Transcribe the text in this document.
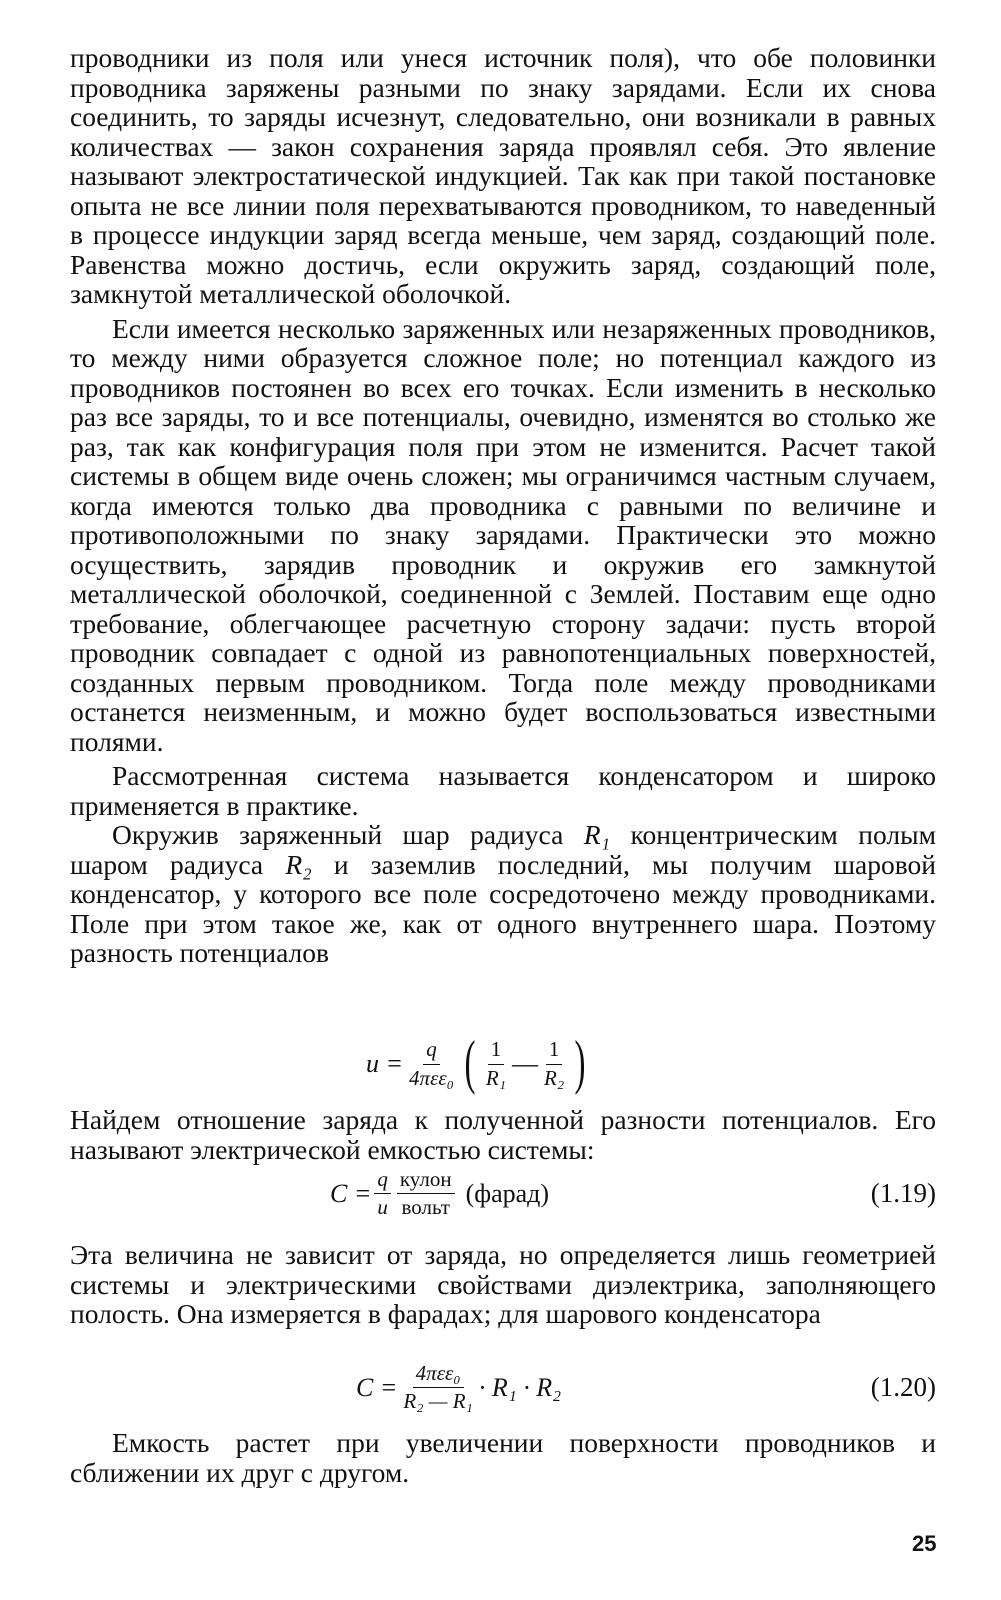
проводники из поля или унеся источник поля), что обе половинки проводника заряжены разными по знаку зарядами. Если их снова соединить, то заряды исчезнут, следовательно, они возникали в равных количествах — закон сохранения заряда проявлял себя. Это явление называют электростатической индукцией. Так как при такой постановке опыта не все линии поля перехватываются проводником, то наведенный в процессе индукции заряд всегда меньше, чем заряд, создающий поле. Равенства можно достичь, если окружить заряд, создающий поле, замкнутой металлической оболочкой.

Если имеется несколько заряженных или незаряженных проводников, то между ними образуется сложное поле; но потенциал каждого из проводников постоянен во всех его точках. Если изменить в несколько раз все заряды, то и все потенциалы, очевидно, изменятся во столько же раз, так как конфигурация поля при этом не изменится. Расчет такой системы в общем виде очень сложен; мы ограничимся частным случаем, когда имеются только два проводника с равными по величине и противоположными по знаку зарядами. Практически это можно осуществить, зарядив проводник и окружив его замкнутой металлической оболочкой, соединенной с Землей. Поставим еще одно требование, облегчающее расчетную сторону задачи: пусть второй проводник совпадает с одной из равнопотенциальных поверхностей, созданных первым проводником. Тогда поле между проводниками останется неизменным, и можно будет воспользоваться известными полями.

Рассмотренная система называется конденсатором и широко применяется в практике.

Окружив заряженный шар радиуса R₁ концентрическим полым шаром радиуса R₂ и заземлив последний, мы получим шаровой конденсатор, у которого все поле сосредоточено между проводниками. Поле при этом такое же, как от одного внутреннего шара. Поэтому разность потенциалов

$u = \frac{q}{\text{4πεε₀}}$ ( $\frac{1}{\text{R₁}}$ — $\frac{1}{\text{R₂}}$ )

Найдем отношение заряда к полученной разности потенциалов. Его называют электрической емкостью системы:

$C = \frac{q}{u} \frac{\text{кулон}}{\text{вольт}}$ (фарад)	(1.19)

Эта величина не зависит от заряда, но определяется лишь геометрией системы и электрическими свойствами диэлектрика, заполняющего полость. Она измеряется в фарадах; для шарового конденсатора

$C = \frac{\text{4πεε₀}}{\text{R₂ — R₁}} \cdot R_1 \cdot R_2$	(1.20)

Емкость растет при увеличении поверхности проводников и сближении их друг с другом.

25
